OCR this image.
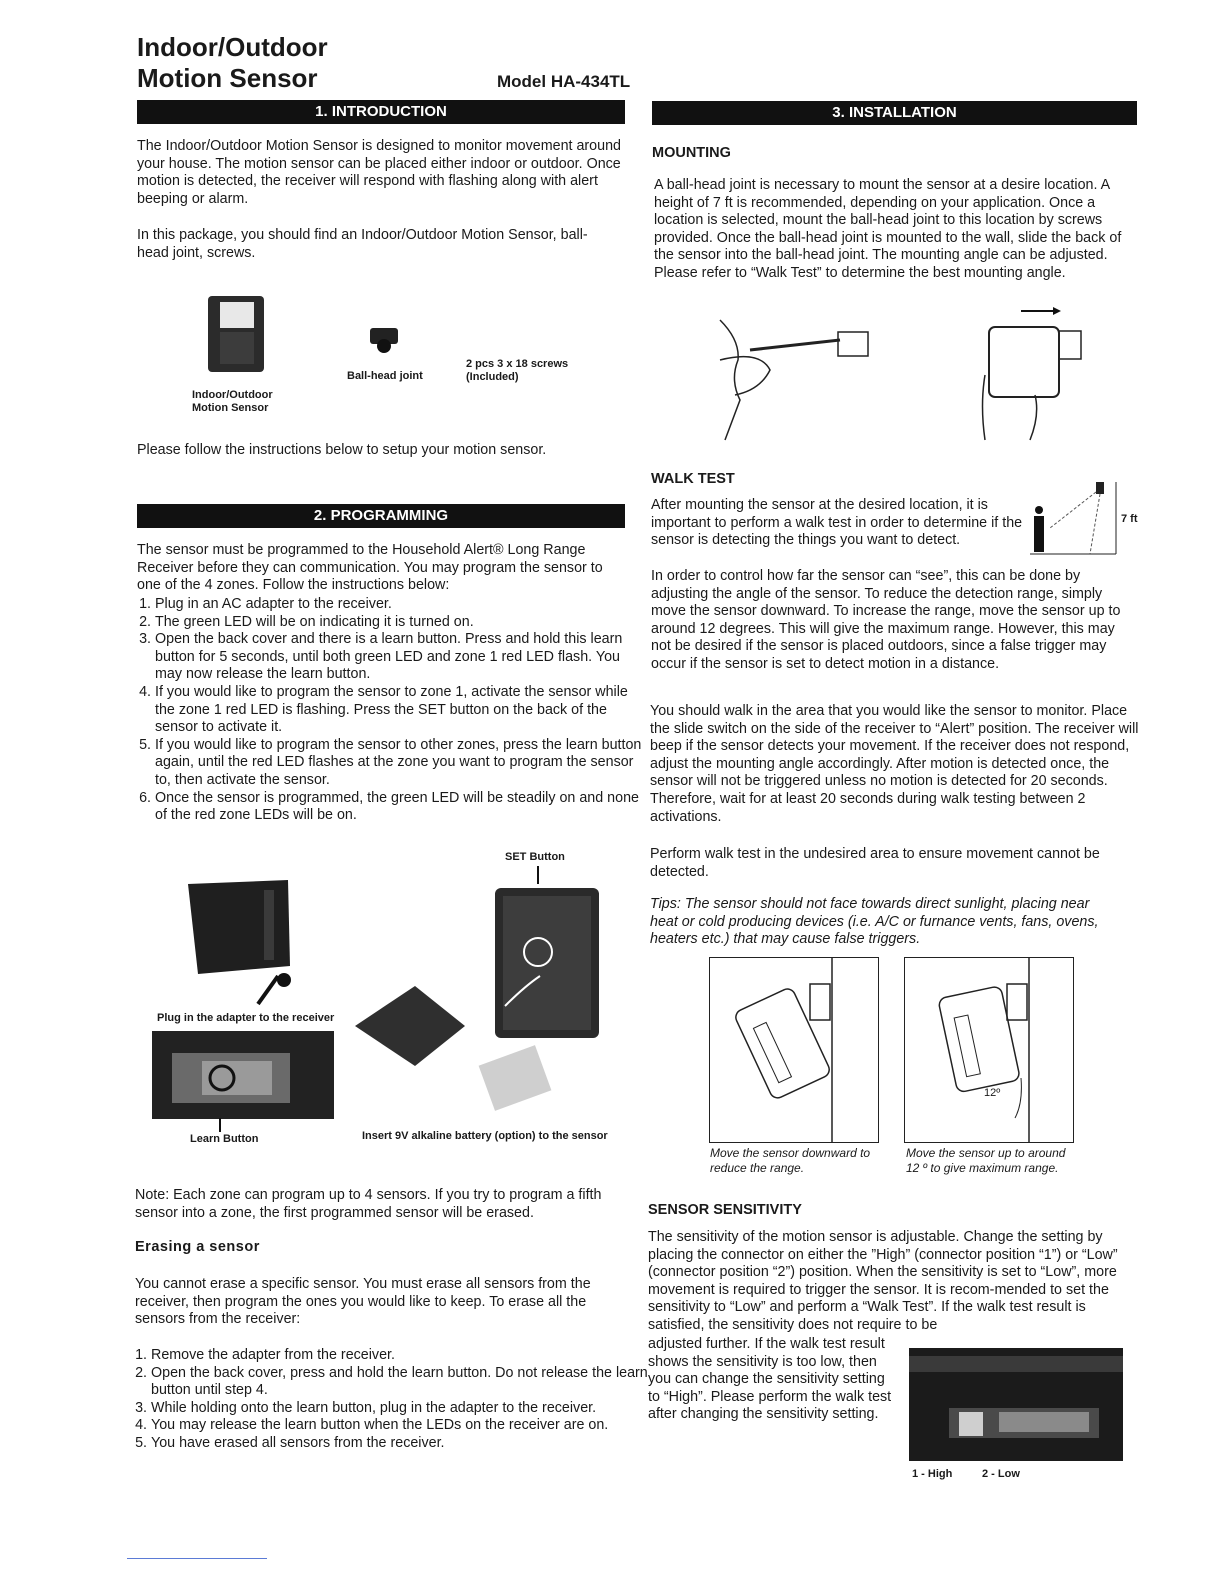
Indoor/Outdoor
Motion Sensor	Model HA-434TL
1. INTRODUCTION
The Indoor/Outdoor Motion Sensor is designed to monitor movement around your house. The motion sensor can be placed either indoor or outdoor. Once motion is detected, the receiver will respond with flashing along with alert beeping or alarm.
In this package, you should find an Indoor/Outdoor Motion Sensor, ball-head joint, screws.
Indoor/Outdoor Motion Sensor
Ball-head joint
2 pcs 3 x 18 screws (Included)
Please follow the instructions below to setup your motion sensor.
2. PROGRAMMING
The sensor must be programmed to the Household Alert® Long Range Receiver before they can communication. You may program the sensor to one of the 4 zones. Follow the instructions below:
1. Plug in an AC adapter to the receiver.
2. The green LED will be on indicating it is turned on.
3. Open the back cover and there is a learn button. Press and hold this learn button for 5 seconds, until both green LED and zone 1 red LED flash. You may now release the learn button.
4. If you would like to program the sensor to zone 1, activate the sensor while the zone 1 red LED is flashing. Press the SET button on the back of the sensor to activate it.
5. If you would like to program the sensor to other zones, press the learn button again, until the red LED flashes at the zone you want to program the sensor to, then activate the sensor.
6. Once the sensor is programmed, the green LED will be steadily on and none of the red zone LEDs will be on.
SET Button
Plug in the adapter to the receiver
Learn Button	Insert 9V alkaline battery (option) to the sensor
Note: Each zone can program up to 4 sensors. If you try to program a fifth sensor into a zone, the first programmed sensor will be erased.
Erasing a sensor
You cannot erase a specific sensor. You must erase all sensors from the receiver, then program the ones you would like to keep. To erase all the sensors from the receiver:
1. Remove the adapter from the receiver.
2. Open the back cover, press and hold the learn button. Do not release the learn button until step 4.
3. While holding onto the learn button, plug in the adapter to the receiver.
4. You may release the learn button when the LEDs on the receiver are on.
5. You have erased all sensors from the receiver.
3. INSTALLATION
MOUNTING
A ball-head joint is necessary to mount the sensor at a desire location. A height of 7 ft is recommended, depending on your application. Once a location is selected, mount the ball-head joint to this location by screws provided. Once the ball-head joint is mounted to the wall, slide the back of the sensor into the ball-head joint. The mounting angle can be adjusted. Please refer to “Walk Test” to determine the best mounting angle.
WALK TEST
After mounting the sensor at the desired location, it is important to perform a walk test in order to determine if the sensor is detecting the things you want to detect.
7 ft
In order to control how far the sensor can “see”, this can be done by adjusting the angle of the sensor. To reduce the detection range, simply move the sensor downward. To increase the range, move the sensor up to around 12 degrees. This will give the maximum range. However, this may not be desired if the sensor is placed outdoors, since a false trigger may occur if the sensor is set to detect motion in a distance.
You should walk in the area that you would like the sensor to monitor. Place the slide switch on the side of the receiver to “Alert” position. The receiver will beep if the sensor detects your movement. If the receiver does not respond, adjust the mounting angle accordingly. After motion is detected once, the sensor will not be triggered unless no motion is detected for 20 seconds. Therefore, wait for at least 20 seconds during walk testing between 2 activations.
Perform walk test in the undesired area to ensure movement cannot be detected.
Tips: The sensor should not face towards direct sunlight, placing near heat or cold producing devices (i.e. A/C or furnance vents, fans, ovens, heaters etc.) that may cause false triggers.
12º
Move the sensor downward to reduce the range.
Move the sensor up to around 12 º to give maximum range.
SENSOR SENSITIVITY
The sensitivity of the motion sensor is adjustable. Change the setting by placing the connector on either the ”High” (connector position “1”) or “Low” (connector position “2”) position. When the sensitivity is set to “Low”, more movement is required to trigger the sensor. It is recom-mended to set the sensitivity to “Low” and perform a “Walk Test”. If the walk test result is satisfied, the sensitivity does not require to be
adjusted further. If the walk test result shows the sensitivity is too low, then you can change the sensitivity setting to “High”. Please perform the walk test after changing the sensitivity setting.
1 - High	2 - Low
